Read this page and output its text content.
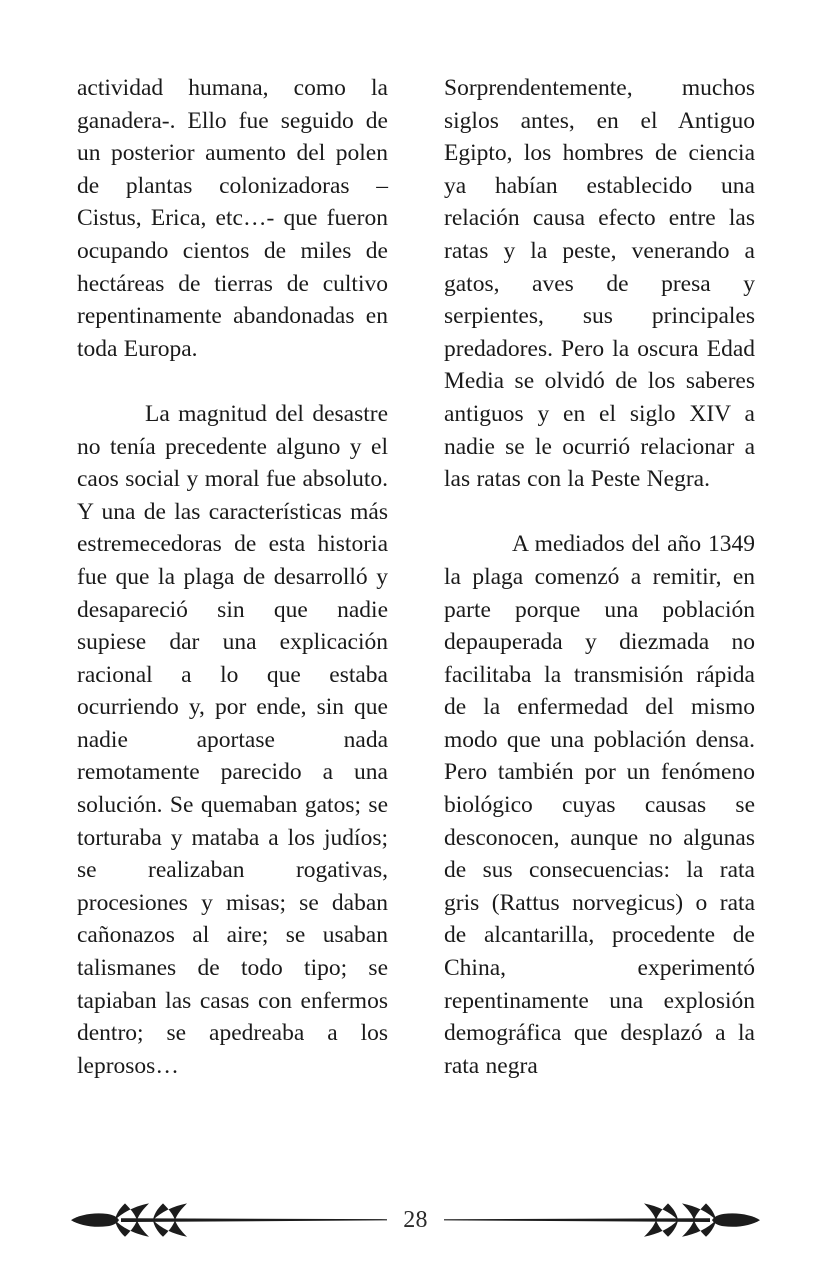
actividad humana, como la ganadera-. Ello fue seguido de un posterior aumento del polen de plantas colonizadoras – Cistus, Erica, etc…- que fueron ocupando cientos de miles de hectáreas de tierras de cultivo repentinamente abandonadas en toda Europa.

La magnitud del desastre no tenía precedente alguno y el caos social y moral fue absoluto. Y una de las características más estremecedoras de esta historia fue que la plaga de desarrolló y desapareció sin que nadie supiese dar una explicación racional a lo que estaba ocurriendo y, por ende, sin que nadie aportase nada remotamente parecido a una solución. Se quemaban gatos; se torturaba y mataba a los judíos; se realizaban rogativas, procesiones y misas; se daban cañonazos al aire; se usaban talismanes de todo tipo; se tapiaban las casas con enfermos dentro; se apedreaba a los leprosos…

Sorprendentemente, muchos siglos antes, en el Antiguo Egipto, los hombres de ciencia ya habían establecido una relación causa efecto entre las ratas y la peste, venerando a gatos, aves de presa y serpientes, sus principales predadores. Pero la oscura Edad Media se olvidó de los saberes antiguos y en el siglo XIV a nadie se le ocurrió relacionar a las ratas con la Peste Negra.

A mediados del año 1349 la plaga comenzó a remitir, en parte porque una población depauperada y diezmada no facilitaba la transmisión rápida de la enfermedad del mismo modo que una población densa. Pero también por un fenómeno biológico cuyas causas se desconocen, aunque no algunas de sus consecuencias: la rata gris (Rattus norvegicus) o rata de alcantarilla, procedente de China, experimentó repentinamente una explosión demográfica que desplazó a la rata negra

28
